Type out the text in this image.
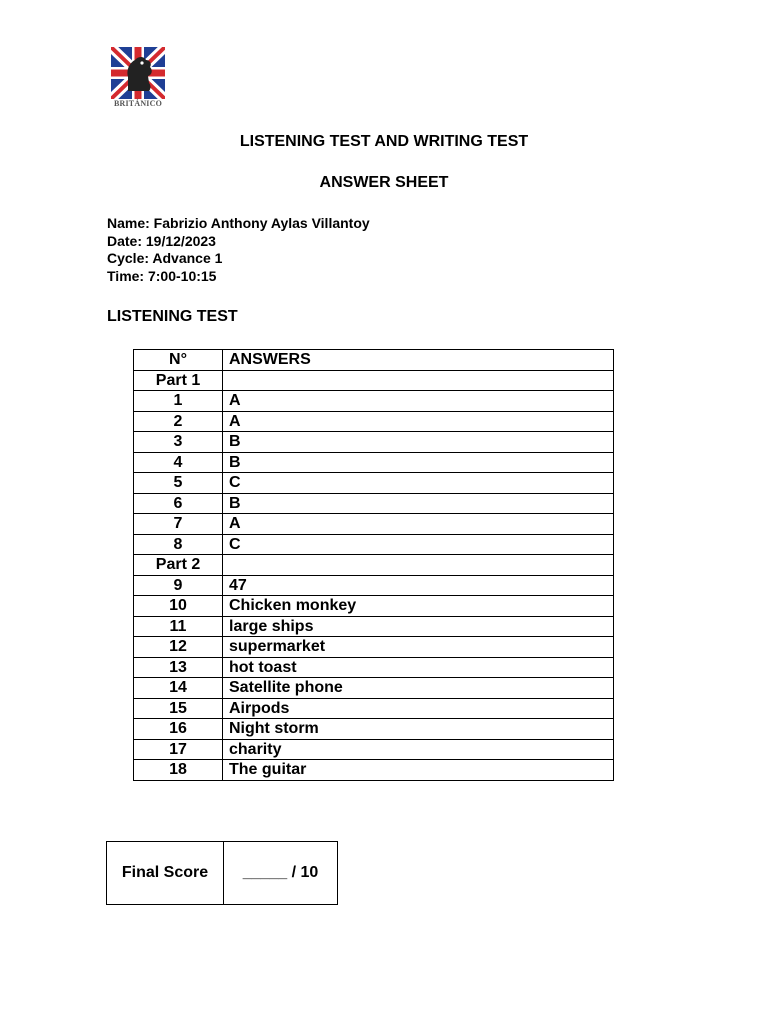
BRITÁNICO
LISTENING TEST AND WRITING TEST
ANSWER SHEET
Name: Fabrizio Anthony Aylas Villantoy
Date: 19/12/2023
Cycle: Advance 1
Time: 7:00-10:15
LISTENING TEST
N°	ANSWERS
Part 1	
1	A
2	A
3	B
4	B
5	C
6	B
7	A
8	C
Part 2	
9	47
10	Chicken monkey
11	large ships
12	supermarket
13	hot toast
14	Satellite phone
15	Airpods
16	Night storm
17	charity
18	The guitar
Final Score	_____ / 10
